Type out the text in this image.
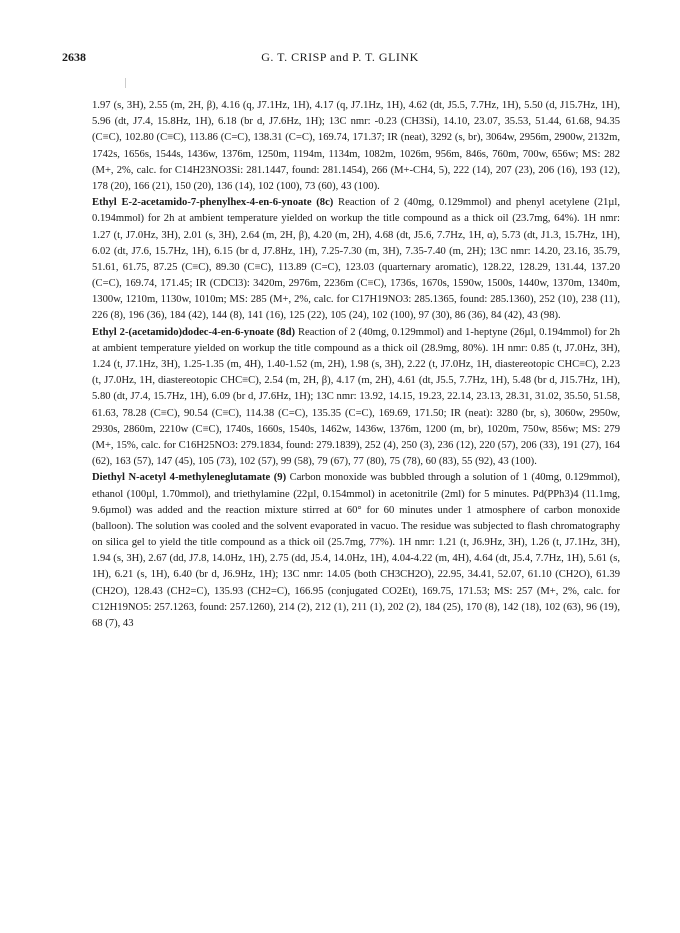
2638	G. T. CRISP and P. T. GLINK

1.97 (s, 3H), 2.55 (m, 2H, β), 4.16 (q, J7.1Hz, 1H), 4.17 (q, J7.1Hz, 1H), 4.62 (dt, J5.5, 7.7Hz, 1H), 5.50 (d, J15.7Hz, 1H), 5.96 (dt, J7.4, 15.8Hz, 1H), 6.18 (br d, J7.6Hz, 1H); 13C nmr: -0.23 (CH3Si), 14.10, 23.07, 35.53, 51.44, 61.68, 94.35 (C≡C), 102.80 (C≡C), 113.86 (C=C), 138.31 (C=C), 169.74, 171.37; IR (neat), 3292 (s, br), 3064w, 2956m, 2900w, 2132m, 1742s, 1656s, 1544s, 1436w, 1376m, 1250m, 1194m, 1134m, 1082m, 1026m, 956m, 846s, 760m, 700w, 656w; MS: 282 (M+, 2%, calc. for C14H23NO3Si: 281.1447, found: 281.1454), 266 (M+-CH4, 5), 222 (14), 207 (23), 206 (16), 193 (12), 178 (20), 166 (21), 150 (20), 136 (14), 102 (100), 73 (60), 43 (100).

Ethyl E-2-acetamido-7-phenylhex-4-en-6-ynoate (8c) Reaction of 2 (40mg, 0.129mmol) and phenyl acetylene (21µl, 0.194mmol) for 2h at ambient temperature yielded on workup the title compound as a thick oil (23.7mg, 64%). 1H nmr: 1.27 (t, J7.0Hz, 3H), 2.01 (s, 3H), 2.64 (m, 2H, β), 4.20 (m, 2H), 4.68 (dt, J5.6, 7.7Hz, 1H, α), 5.73 (dt, J1.3, 15.7Hz, 1H), 6.02 (dt, J7.6, 15.7Hz, 1H), 6.15 (br d, J7.8Hz, 1H), 7.25-7.30 (m, 3H), 7.35-7.40 (m, 2H); 13C nmr: 14.20, 23.16, 35.79, 51.61, 61.75, 87.25 (C≡C), 89.30 (C≡C), 113.89 (C=C), 123.03 (quarternary aromatic), 128.22, 128.29, 131.44, 137.20 (C=C), 169.74, 171.45; IR (CDCl3): 3420m, 2976m, 2236m (C≡C), 1736s, 1670s, 1590w, 1500s, 1440w, 1370m, 1340m, 1300w, 1210m, 1130w, 1010m; MS: 285 (M+, 2%, calc. for C17H19NO3: 285.1365, found: 285.1360), 252 (10), 238 (11), 226 (8), 196 (36), 184 (42), 144 (8), 141 (16), 125 (22), 105 (24), 102 (100), 97 (30), 86 (36), 84 (42), 43 (98).

Ethyl 2-(acetamido)dodec-4-en-6-ynoate (8d) Reaction of 2 (40mg, 0.129mmol) and 1-heptyne (26µl, 0.194mmol) for 2h at ambient temperature yielded on workup the title compound as a thick oil (28.9mg, 80%). 1H nmr: 0.85 (t, J7.0Hz, 3H), 1.24 (t, J7.1Hz, 3H), 1.25-1.35 (m, 4H), 1.40-1.52 (m, 2H), 1.98 (s, 3H), 2.22 (t, J7.0Hz, 1H, diastereotopic CHC≡C), 2.23 (t, J7.0Hz, 1H, diastereotopic CHC≡C), 2.54 (m, 2H, β), 4.17 (m, 2H), 4.61 (dt, J5.5, 7.7Hz, 1H), 5.48 (br d, J15.7Hz, 1H), 5.80 (dt, J7.4, 15.7Hz, 1H), 6.09 (br d, J7.6Hz, 1H); 13C nmr: 13.92, 14.15, 19.23, 22.14, 23.13, 28.31, 31.02, 35.50, 51.58, 61.63, 78.28 (C≡C), 90.54 (C≡C), 114.38 (C=C), 135.35 (C=C), 169.69, 171.50; IR (neat): 3280 (br, s), 3060w, 2950w, 2930s, 2860m, 2210w (C≡C), 1740s, 1660s, 1540s, 1462w, 1436w, 1376m, 1200 (m, br), 1020m, 750w, 856w; MS: 279 (M+, 15%, calc. for C16H25NO3: 279.1834, found: 279.1839), 252 (4), 250 (3), 236 (12), 220 (57), 206 (33), 191 (27), 164 (62), 163 (57), 147 (45), 105 (73), 102 (57), 99 (58), 79 (67), 77 (80), 75 (78), 60 (83), 55 (92), 43 (100).

Diethyl N-acetyl 4-methyleneglutamate (9) Carbon monoxide was bubbled through a solution of 1 (40mg, 0.129mmol), ethanol (100µl, 1.70mmol), and triethylamine (22µl, 0.154mmol) in acetonitrile (2ml) for 5 minutes. Pd(PPh3)4 (11.1mg, 9.6µmol) was added and the reaction mixture stirred at 60° for 60 minutes under 1 atmosphere of carbon monoxide (balloon). The solution was cooled and the solvent evaporated in vacuo. The residue was subjected to flash chromatography on silica gel to yield the title compound as a thick oil (25.7mg, 77%). 1H nmr: 1.21 (t, J6.9Hz, 3H), 1.26 (t, J7.1Hz, 3H), 1.94 (s, 3H), 2.67 (dd, J7.8, 14.0Hz, 1H), 2.75 (dd, J5.4, 14.0Hz, 1H), 4.04-4.22 (m, 4H), 4.64 (dt, J5.4, 7.7Hz, 1H), 5.61 (s, 1H), 6.21 (s, 1H), 6.40 (br d, J6.9Hz, 1H); 13C nmr: 14.05 (both CH3CH2O), 22.95, 34.41, 52.07, 61.10 (CH2O), 61.39 (CH2O), 128.43 (CH2=C), 135.93 (CH2=C), 166.95 (conjugated CO2Et), 169.75, 171.53; MS: 257 (M+, 2%, calc. for C12H19NO5: 257.1263, found: 257.1260), 214 (2), 212 (1), 211 (1), 202 (2), 184 (25), 170 (8), 142 (18), 102 (63), 96 (19), 68 (7), 43
